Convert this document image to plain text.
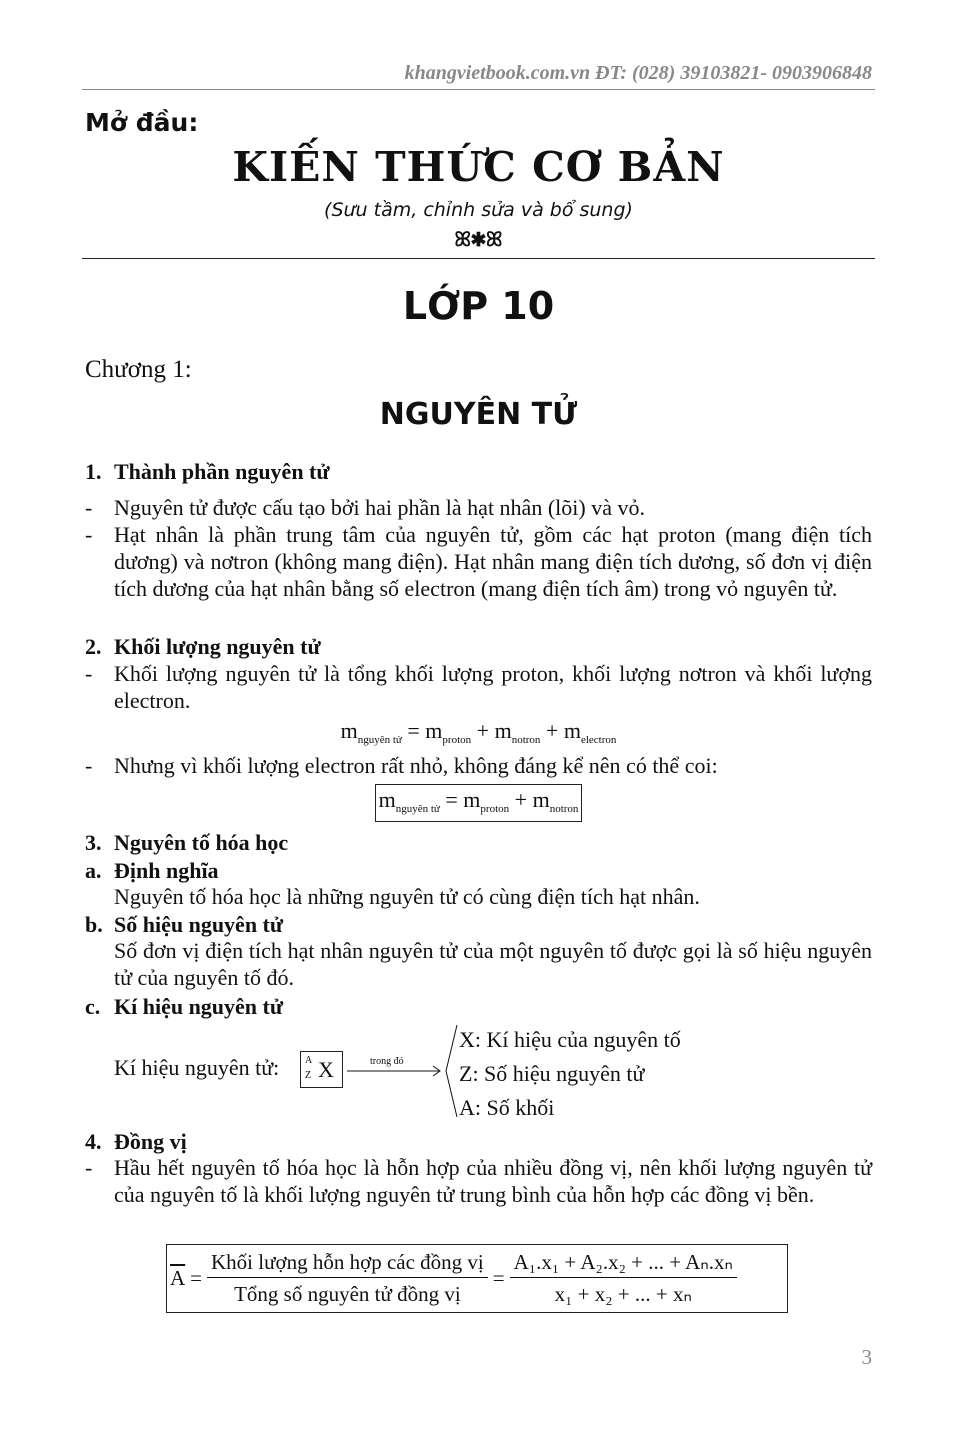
khangvietbook.com.vn ĐT: (028) 39103821- 0903906848
Mở đầu:
KIẾN THỨC CƠ BẢN
(Sưu tầm, chỉnh sửa và bổ sung)
ꕤ✱ꕤ
LỚP 10
Chương 1:
NGUYÊN TỬ
1. Thành phần nguyên tử
- Nguyên tử được cấu tạo bởi hai phần là hạt nhân (lõi) và vỏ.
- Hạt nhân là phần trung tâm của nguyên tử, gồm các hạt proton (mang điện tích dương) và nơtron (không mang điện). Hạt nhân mang điện tích dương, số đơn vị điện tích dương của hạt nhân bằng số electron (mang điện tích âm) trong vỏ nguyên tử.
2. Khối lượng nguyên tử
- Khối lượng nguyên tử là tổng khối lượng proton, khối lượng nơtron và khối lượng electron.
$m_{nguyên tử} = m_{proton} + m_{notron} + m_{electron}$
- Nhưng vì khối lượng electron rất nhỏ, không đáng kể nên có thể coi:
$m_{nguyên tử} = m_{proton} + m_{notron}$
3. Nguyên tố hóa học
a. Định nghĩa
Nguyên tố hóa học là những nguyên tử có cùng điện tích hạt nhân.
b. Số hiệu nguyên tử
Số đơn vị điện tích hạt nhân nguyên tử của một nguyên tố được gọi là số hiệu nguyên tử của nguyên tố đó.
c. Kí hiệu nguyên tử
Kí hiệu nguyên tử:	A
Z X	trong đó
X: Kí hiệu của nguyên tố
Z: Số hiệu nguyên tử
A: Số khối
4. Đồng vị
- Hầu hết nguyên tố hóa học là hỗn hợp của nhiều đồng vị, nên khối lượng nguyên tử của nguyên tố là khối lượng nguyên tử trung bình của hỗn hợp các đồng vị bền.
$\overline{A} = \frac{\text{Khối lượng hỗn hợp các đồng vị}}{\text{Tổng số nguyên tử đồng vị}} = \frac{\text{A₁.x₁ + A₂.x₂ + ... + Aₙ.xₙ}}{\text{x₁ + x₂ + ... + xₙ}}$
3
